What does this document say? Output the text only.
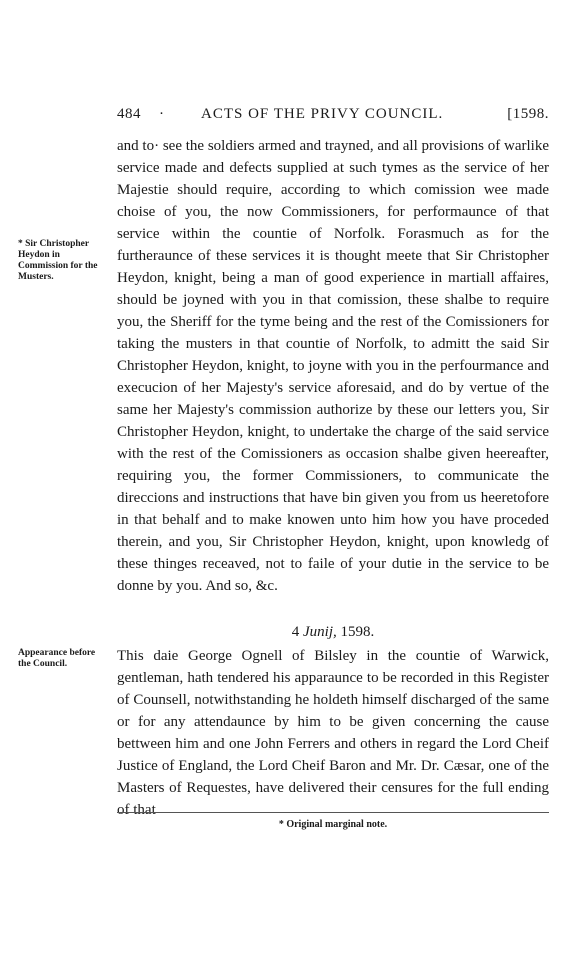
484 · ACTS OF THE PRIVY COUNCIL.	[1598.

and to· see the soldiers armed and trayned, and all provisions of warlike service made and defects supplied at such tymes as the service of her Majestie should require, according to which comission wee made choise of you, the now Commissioners, for performaunce of that service within the countie of Norfolk. Forasmuch as for the furtheraunce of these services it is thought meete that Sir Christopher Heydon, knight, being a man of good experience in martiall affaires, should be joyned with you in that comission, these shalbe to require you, the Sheriff for the tyme being and the rest of the Comissioners for taking the musters in that countie of Norfolk, to admitt the said Sir Christopher Heydon, knight, to joyne with you in the perfourmance and execucion of her Majesty's service aforesaid, and do by vertue of the same her Majesty's commission authorize by these our letters you, Sir Christopher Heydon, knight, to undertake the charge of the said service with the rest of the Comissioners as occasion shalbe given heereafter, requiring you, the former Commissioners, to communicate the direccions and instructions that have bin given you from us heeretofore in that behalf and to make knowen unto him how you have proceded therein, and you, Sir Christopher Heydon, knight, upon knowledg of these thinges receaved, not to faile of your dutie in the service to be donne by you. And so, &c.

* Sir Christopher Heydon in Commission for the Musters.
4 Junij, 1598.

This daie George Ognell of Bilsley in the countie of Warwick, gentleman, hath tendered his apparaunce to be recorded in this Register of Counsell, notwithstanding he holdeth himself discharged of the same or for any attendaunce by him to be given concerning the cause bettween him and one John Ferrers and others in regard the Lord Cheif Justice of England, the Lord Cheif Baron and Mr. Dr. Cæsar, one of the Masters of Requestes, have delivered their censures for the full ending of that

Appearance before the Council.
* Original marginal note.
